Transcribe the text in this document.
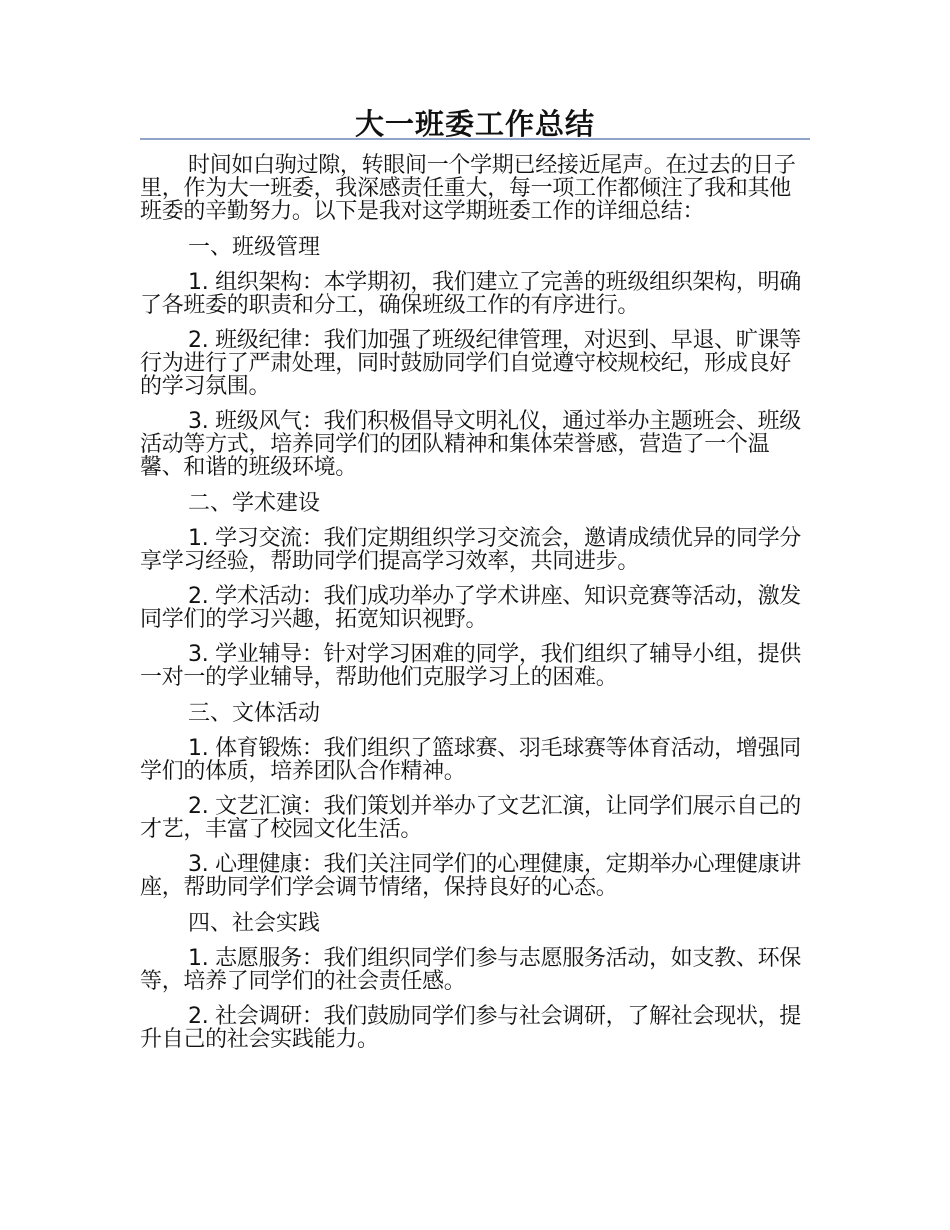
大一班委工作总结

时间如白驹过隙，转眼间一个学期已经接近尾声。在过去的日子里，作为大一班委，我深感责任重大，每一项工作都倾注了我和其他班委的辛勤努力。以下是我对这学期班委工作的详细总结：

一、班级管理

1. 组织架构：本学期初，我们建立了完善的班级组织架构，明确了各班委的职责和分工，确保班级工作的有序进行。

2. 班级纪律：我们加强了班级纪律管理，对迟到、早退、旷课等行为进行了严肃处理，同时鼓励同学们自觉遵守校规校纪，形成良好的学习氛围。

3. 班级风气：我们积极倡导文明礼仪，通过举办主题班会、班级活动等方式，培养同学们的团队精神和集体荣誉感，营造了一个温馨、和谐的班级环境。

二、学术建设

1. 学习交流：我们定期组织学习交流会，邀请成绩优异的同学分享学习经验，帮助同学们提高学习效率，共同进步。

2. 学术活动：我们成功举办了学术讲座、知识竞赛等活动，激发同学们的学习兴趣，拓宽知识视野。

3. 学业辅导：针对学习困难的同学，我们组织了辅导小组，提供一对一的学业辅导，帮助他们克服学习上的困难。

三、文体活动

1. 体育锻炼：我们组织了篮球赛、羽毛球赛等体育活动，增强同学们的体质，培养团队合作精神。

2. 文艺汇演：我们策划并举办了文艺汇演，让同学们展示自己的才艺，丰富了校园文化生活。

3. 心理健康：我们关注同学们的心理健康，定期举办心理健康讲座，帮助同学们学会调节情绪，保持良好的心态。

四、社会实践

1. 志愿服务：我们组织同学们参与志愿服务活动，如支教、环保等，培养了同学们的社会责任感。

2. 社会调研：我们鼓励同学们参与社会调研，了解社会现状，提升自己的社会实践能力。
